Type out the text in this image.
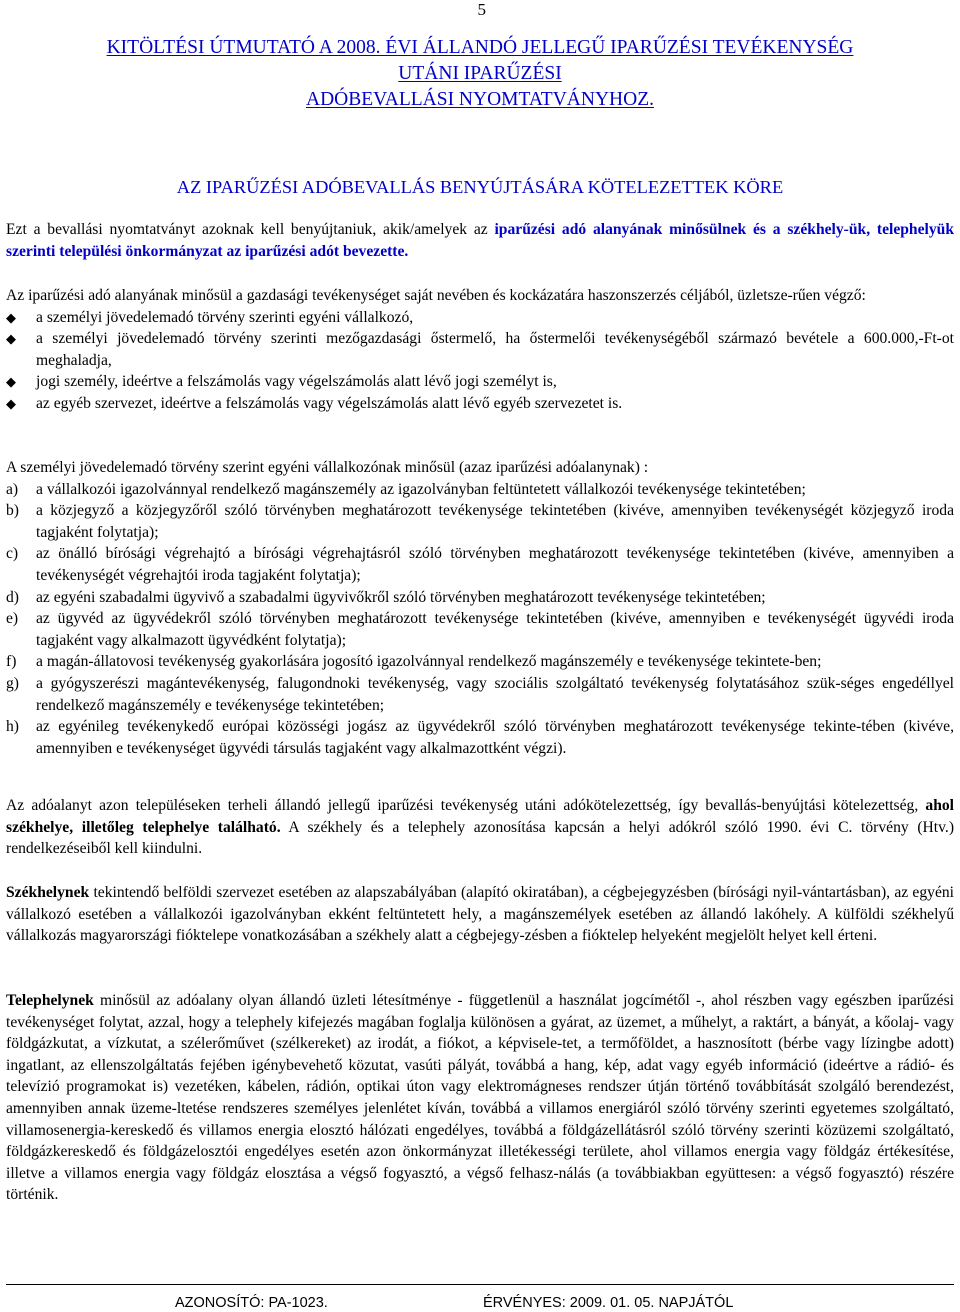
5
KITÖLTÉSI ÚTMUTATÓ A 2008. ÉVI ÁLLANDÓ JELLEGŰ IPARŰZÉSI TEVÉKENYSÉG
UTÁNI IPARŰZÉSI
ADÓBEVALLÁSI NYOMTATVÁNYHOZ.
AZ IPARŰZÉSI ADÓBEVALLÁS BENYÚJTÁSÁRA KÖTELEZETTEK KÖRE
Ezt a bevallási nyomtatványt azoknak kell benyújtaniuk, akik/amelyek az iparűzési adó alanyának minősülnek és a székhely-ük, telephelyük szerinti települési önkormányzat az iparűzési adót bevezette.
Az iparűzési adó alanyának minősül a gazdasági tevékenységet saját nevében és kockázatára haszonszerzés céljából, üzletsze-rűen végző:
◆ a személyi jövedelemadó törvény szerinti egyéni vállalkozó,
◆ a személyi jövedelemadó törvény szerinti mezőgazdasági őstermelő, ha őstermelői tevékenységéből származó bevétele a 600.000,-Ft-ot meghaladja,
◆ jogi személy, ideértve a felszámolás vagy végelszámolás alatt lévő jogi személyt is,
◆ az egyéb szervezet, ideértve a felszámolás vagy végelszámolás alatt lévő egyéb szervezetet is.
A személyi jövedelemadó törvény szerint egyéni vállalkozónak minősül (azaz iparűzési adóalanynak) :
a) a vállalkozói igazolvánnyal rendelkező magánszemély az igazolványban feltüntetett vállalkozói tevékenysége tekintetében;
b) a közjegyző a közjegyzőről szóló törvényben meghatározott tevékenysége tekintetében (kivéve, amennyiben tevékenységét közjegyző iroda tagjaként folytatja);
c) az önálló bírósági végrehajtó a bírósági végrehajtásról szóló törvényben meghatározott tevékenysége tekintetében (kivéve, amennyiben a tevékenységét végrehajtói iroda tagjaként folytatja);
d) az egyéni szabadalmi ügyvivő a szabadalmi ügyvivőkről szóló törvényben meghatározott tevékenysége tekintetében;
e) az ügyvéd az ügyvédekről szóló törvényben meghatározott tevékenysége tekintetében (kivéve, amennyiben e tevékenységét ügyvédi iroda tagjaként vagy alkalmazott ügyvédként folytatja);
f) a magán-állatovosi tevékenység gyakorlására jogosító igazolvánnyal rendelkező magánszemély e tevékenysége tekintete-ben;
g) a gyógyszerészi magántevékenység, falugondnoki tevékenység, vagy szociális szolgáltató tevékenység folytatásához szük-séges engedéllyel rendelkező magánszemély e tevékenysége tekintetében;
h) az egyénileg tevékenykedő európai közösségi jogász az ügyvédekről szóló törvényben meghatározott tevékenysége tekinte-tében (kivéve, amennyiben e tevékenységet ügyvédi társulás tagjaként vagy alkalmazottként végzi).
Az adóalanyt azon településeken terheli állandó jellegű iparűzési tevékenység utáni adókötelezettség, így bevallás-benyújtási kötelezettség, ahol székhelye, illetőleg telephelye található. A székhely és a telephely azonosítása kapcsán a helyi adókról szóló 1990. évi C. törvény (Htv.) rendelkezéseiből kell kiindulni.
Székhelynek tekintendő belföldi szervezet esetében az alapszabályában (alapító okiratában), a cégbejegyzésben (bírósági nyil-vántartásban), az egyéni vállalkozó esetében a vállalkozói igazolványban ekként feltüntetett hely, a magánszemélyek esetében az állandó lakóhely. A külföldi székhelyű vállalkozás magyarországi fióktelepe vonatkozásában a székhely alatt a cégbejegy-zésben a fióktelep helyeként megjelölt helyet kell érteni.
Telephelynek minősül az adóalany olyan állandó üzleti létesítménye - függetlenül a használat jogcímétől -, ahol részben vagy egészben iparűzési tevékenységet folytat, azzal, hogy a telephely kifejezés magában foglalja különösen a gyárat, az üzemet, a műhelyt, a raktárt, a bányát, a kőolaj- vagy földgázkutat, a vízkutat, a szélerőművet (szélkereket) az irodát, a fiókot, a képvisele-tet, a termőföldet, a hasznosított (bérbe vagy lízingbe adott) ingatlant, az ellenszolgáltatás fejében igénybevehető közutat, vasúti pályát, továbbá a hang, kép, adat vagy egyéb információ (ideértve a rádió- és televízió programokat is) vezetéken, kábelen, rádión, optikai úton vagy elektromágneses rendszer útján történő továbbítását szolgáló berendezést, amennyiben annak üzeme-ltetése rendszeres személyes jelenlétet kíván, továbbá a villamos energiáról szóló törvény szerinti egyetemes szolgáltató, villamosenergia-kereskedő és villamos energia elosztó hálózati engedélyes, továbbá a földgázellátásról szóló törvény szerinti közüzemi szolgáltató, földgázkereskedő és földgázelosztói engedélyes esetén azon önkormányzat illetékességi területe, ahol villamos energia vagy földgáz értékesítése, illetve a villamos energia vagy földgáz elosztása a végső fogyasztó, a végső felhasz-nálás (a továbbiakban együttesen: a végső fogyasztó) részére történik.
AZONOSÍTÓ: PA-1023.	ÉRVÉNYES: 2009. 01. 05. NAPJÁTÓL
